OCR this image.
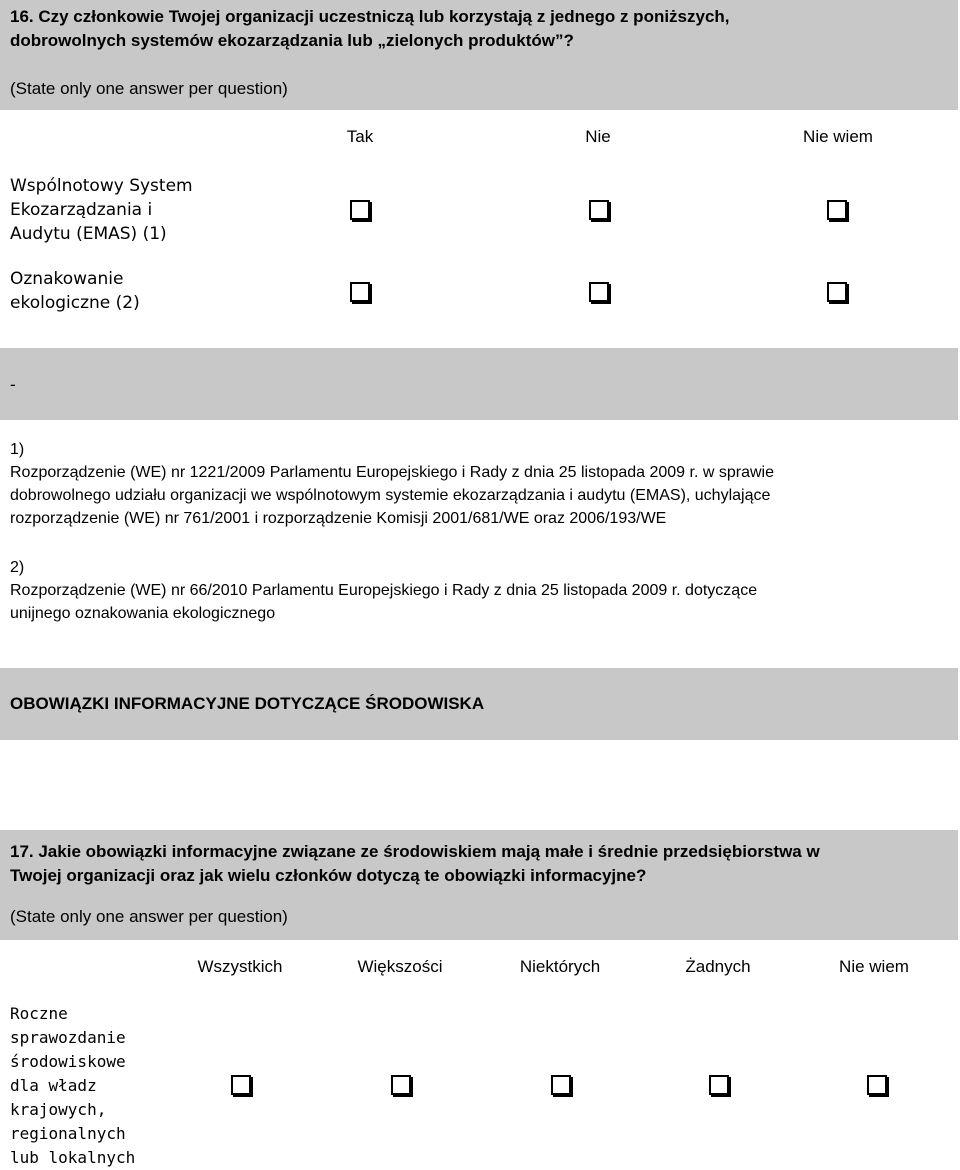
16. Czy członkowie Twojej organizacji uczestniczą lub korzystają z jednego z poniższych,
dobrowolnych systemów ekozarządzania lub „zielonych produktów”?
(State only one answer per question)
Tak	Nie	Nie wiem
Wspólnotowy System
Ekozarządzania i
Audytu (EMAS) (1)
Oznakowanie
ekologiczne (2)
-
1)
Rozporządzenie (WE) nr 1221/2009 Parlamentu Europejskiego i Rady z dnia 25 listopada 2009 r. w sprawie
dobrowolnego udziału organizacji we wspólnotowym systemie ekozarządzania i audytu (EMAS), uchylające
rozporządzenie (WE) nr 761/2001 i rozporządzenie Komisji 2001/681/WE oraz 2006/193/WE
2)
Rozporządzenie (WE) nr 66/2010 Parlamentu Europejskiego i Rady z dnia 25 listopada 2009 r. dotyczące
unijnego oznakowania ekologicznego
OBOWIĄZKI INFORMACYJNE DOTYCZĄCE ŚRODOWISKA
17. Jakie obowiązki informacyjne związane ze środowiskiem mają małe i średnie przedsiębiorstwa w
Twojej organizacji oraz jak wielu członków dotyczą te obowiązki informacyjne?
(State only one answer per question)
Wszystkich	Większości	Niektórych	Żadnych	Nie wiem
Roczne
sprawozdanie
środowiskowe
dla władz
krajowych,
regionalnych
lub lokalnych
